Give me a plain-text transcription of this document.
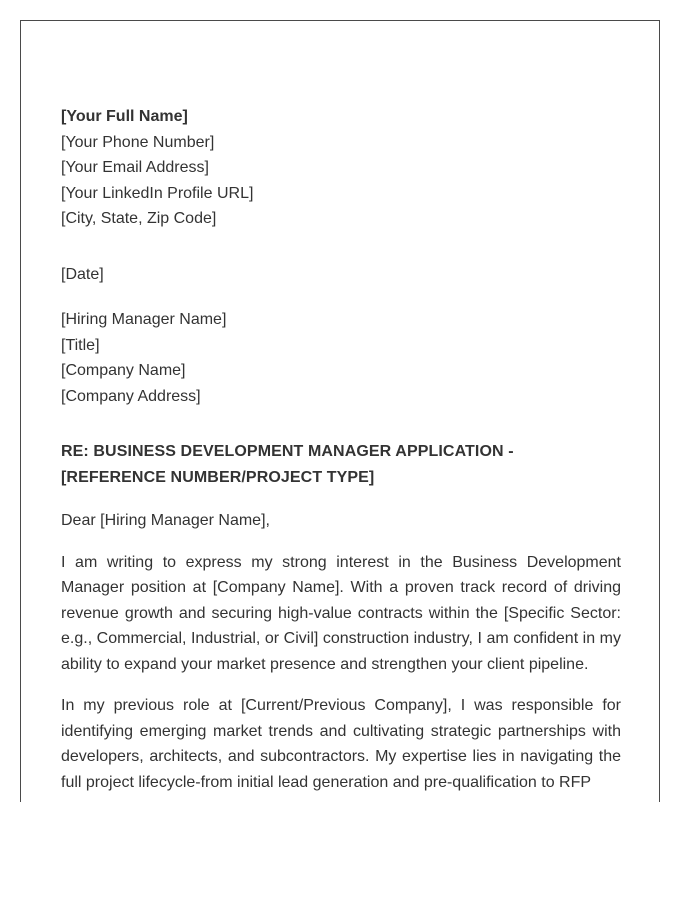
[Your Full Name]
[Your Phone Number]
[Your Email Address]
[Your LinkedIn Profile URL]
[City, State, Zip Code]
[Date]
[Hiring Manager Name]
[Title]
[Company Name]
[Company Address]
RE: BUSINESS DEVELOPMENT MANAGER APPLICATION - [REFERENCE NUMBER/PROJECT TYPE]
Dear [Hiring Manager Name],
I am writing to express my strong interest in the Business Development Manager position at [Company Name]. With a proven track record of driving revenue growth and securing high-value contracts within the [Specific Sector: e.g., Commercial, Industrial, or Civil] construction industry, I am confident in my ability to expand your market presence and strengthen your client pipeline.
In my previous role at [Current/Previous Company], I was responsible for identifying emerging market trends and cultivating strategic partnerships with developers, architects, and subcontractors. My expertise lies in navigating the full project lifecycle-from initial lead generation and pre-qualification to RFP
